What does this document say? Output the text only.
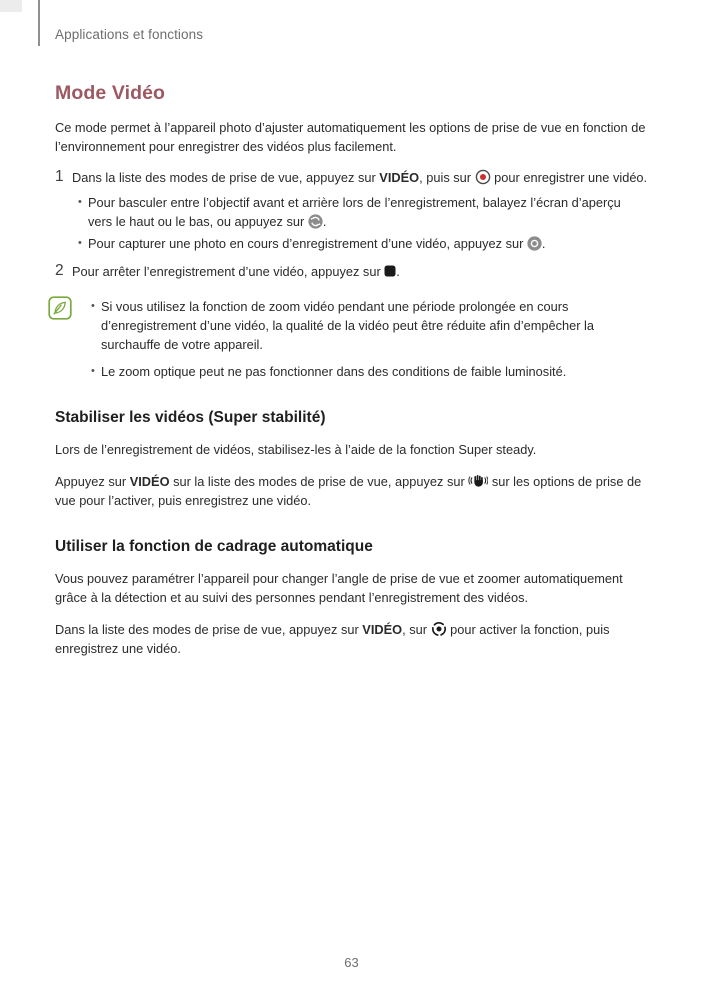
Applications et fonctions
Mode Vidéo

Ce mode permet à l’appareil photo d’ajuster automatiquement les options de prise de vue en fonction de l’environnement pour enregistrer des vidéos plus facilement.

1 Dans la liste des modes de prise de vue, appuyez sur VIDÉO, puis sur  pour enregistrer une vidéo.
• Pour basculer entre l’objectif avant et arrière lors de l’enregistrement, balayez l’écran d’aperçu vers le haut ou le bas, ou appuyez sur .
• Pour capturer une photo en cours d’enregistrement d’une vidéo, appuyez sur .
2 Pour arrêter l’enregistrement d’une vidéo, appuyez sur .
• Si vous utilisez la fonction de zoom vidéo pendant une période prolongée en cours d’enregistrement d’une vidéo, la qualité de la vidéo peut être réduite afin d’empêcher la surchauffe de votre appareil.
• Le zoom optique peut ne pas fonctionner dans des conditions de faible luminosité.
Stabiliser les vidéos (Super stabilité)

Lors de l’enregistrement de vidéos, stabilisez-les à l’aide de la fonction Super steady.

Appuyez sur VIDÉO sur la liste des modes de prise de vue, appuyez sur  sur les options de prise de vue pour l’activer, puis enregistrez une vidéo.

Utiliser la fonction de cadrage automatique

Vous pouvez paramétrer l’appareil pour changer l’angle de prise de vue et zoomer automatiquement grâce à la détection et au suivi des personnes pendant l’enregistrement des vidéos.

Dans la liste des modes de prise de vue, appuyez sur VIDÉO, sur  pour activer la fonction, puis enregistrez une vidéo.

63
